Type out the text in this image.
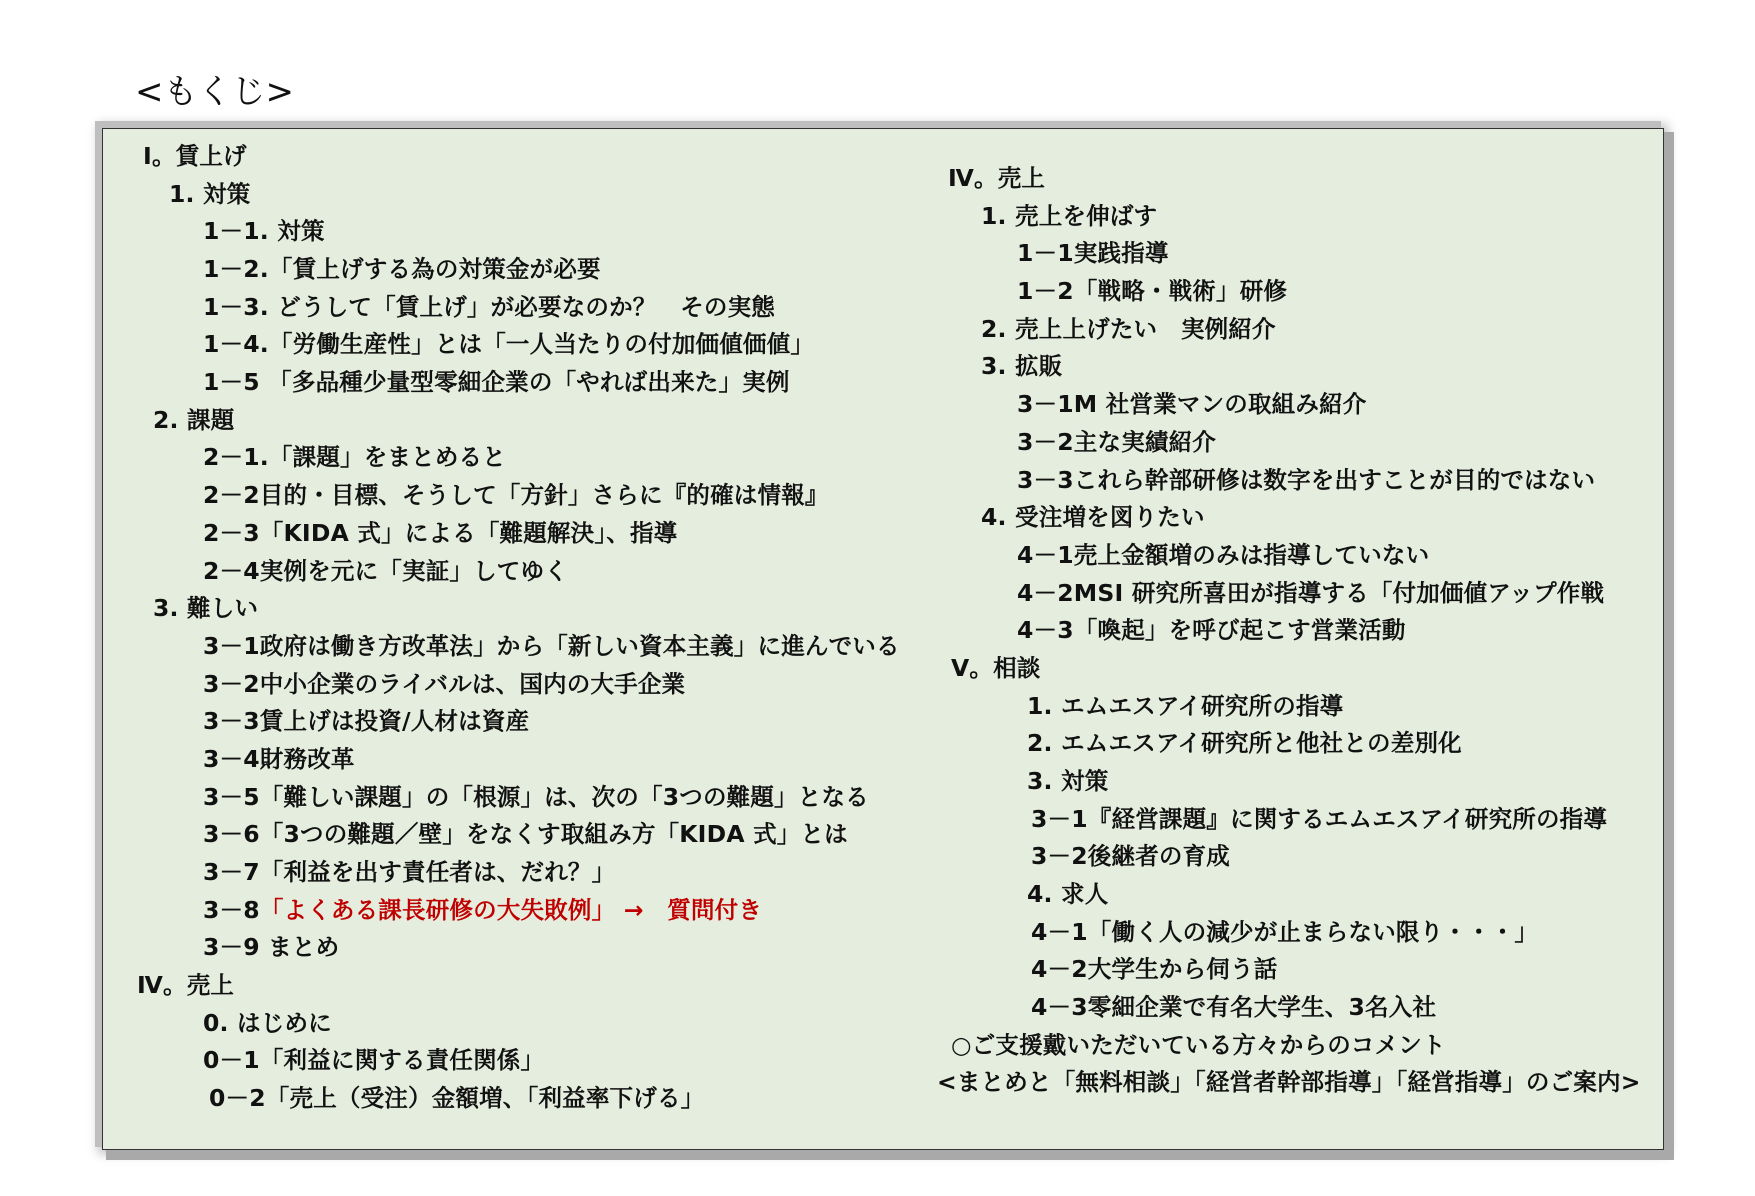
<もくじ>
Ⅰ。賃上げ
1. 対策
1－1. 対策
1－2.「賃上げする為の対策金が必要
1－3. どうして「賃上げ」が必要なのか？　その実態
1－4.「労働生産性」とは「一人当たりの付加価値価値」
1－5 「多品種少量型零細企業の「やれば出来た」実例
2. 課題
2－1.「課題」をまとめると
2－2目的・目標、そうして「方針」さらに『的確は情報』
2－3「KIDA 式」による「難題解決」、指導
2－4実例を元に「実証」してゆく
3. 難しい
3－1政府は働き方改革法」から「新しい資本主義」に進んでいる
3－2中小企業のライバルは、国内の大手企業
3－3賃上げは投資/人材は資産
3－4財務改革
3－5「難しい課題」の「根源」は、次の「3つの難題」となる
3－6「3つの難題／壁」をなくす取組み方「KIDA 式」とは
3－7「利益を出す責任者は、だれ？」
3－8「よくある課長研修の大失敗例」 →　質問付き
3－9 まとめ
Ⅳ。売上
0. はじめに
0－1「利益に関する責任関係」
0－2「売上（受注）金額増、「利益率下げる」
Ⅳ。売上
1. 売上を伸ばす
1－1実践指導
1－2「戦略・戦術」研修
2. 売上上げたい　実例紹介
3. 拡販
3－1M 社営業マンの取組み紹介
3－2主な実績紹介
3－3これら幹部研修は数字を出すことが目的ではない
4. 受注増を図りたい
4－1売上金額増のみは指導していない
4－2MSI 研究所喜田が指導する「付加価値アップ作戦
4－3「喚起」を呼び起こす営業活動
Ⅴ。相談
1. エムエスアイ研究所の指導
2. エムエスアイ研究所と他社との差別化
3. 対策
3－1『経営課題』に関するエムエスアイ研究所の指導
3－2後継者の育成
4. 求人
4－1「働く人の減少が止まらない限り・・・」
4－2大学生から伺う話
4－3零細企業で有名大学生、3名入社
○ご支援戴いただいている方々からのコメント
<まとめと「無料相談」「経営者幹部指導」「経営指導」のご案内>
